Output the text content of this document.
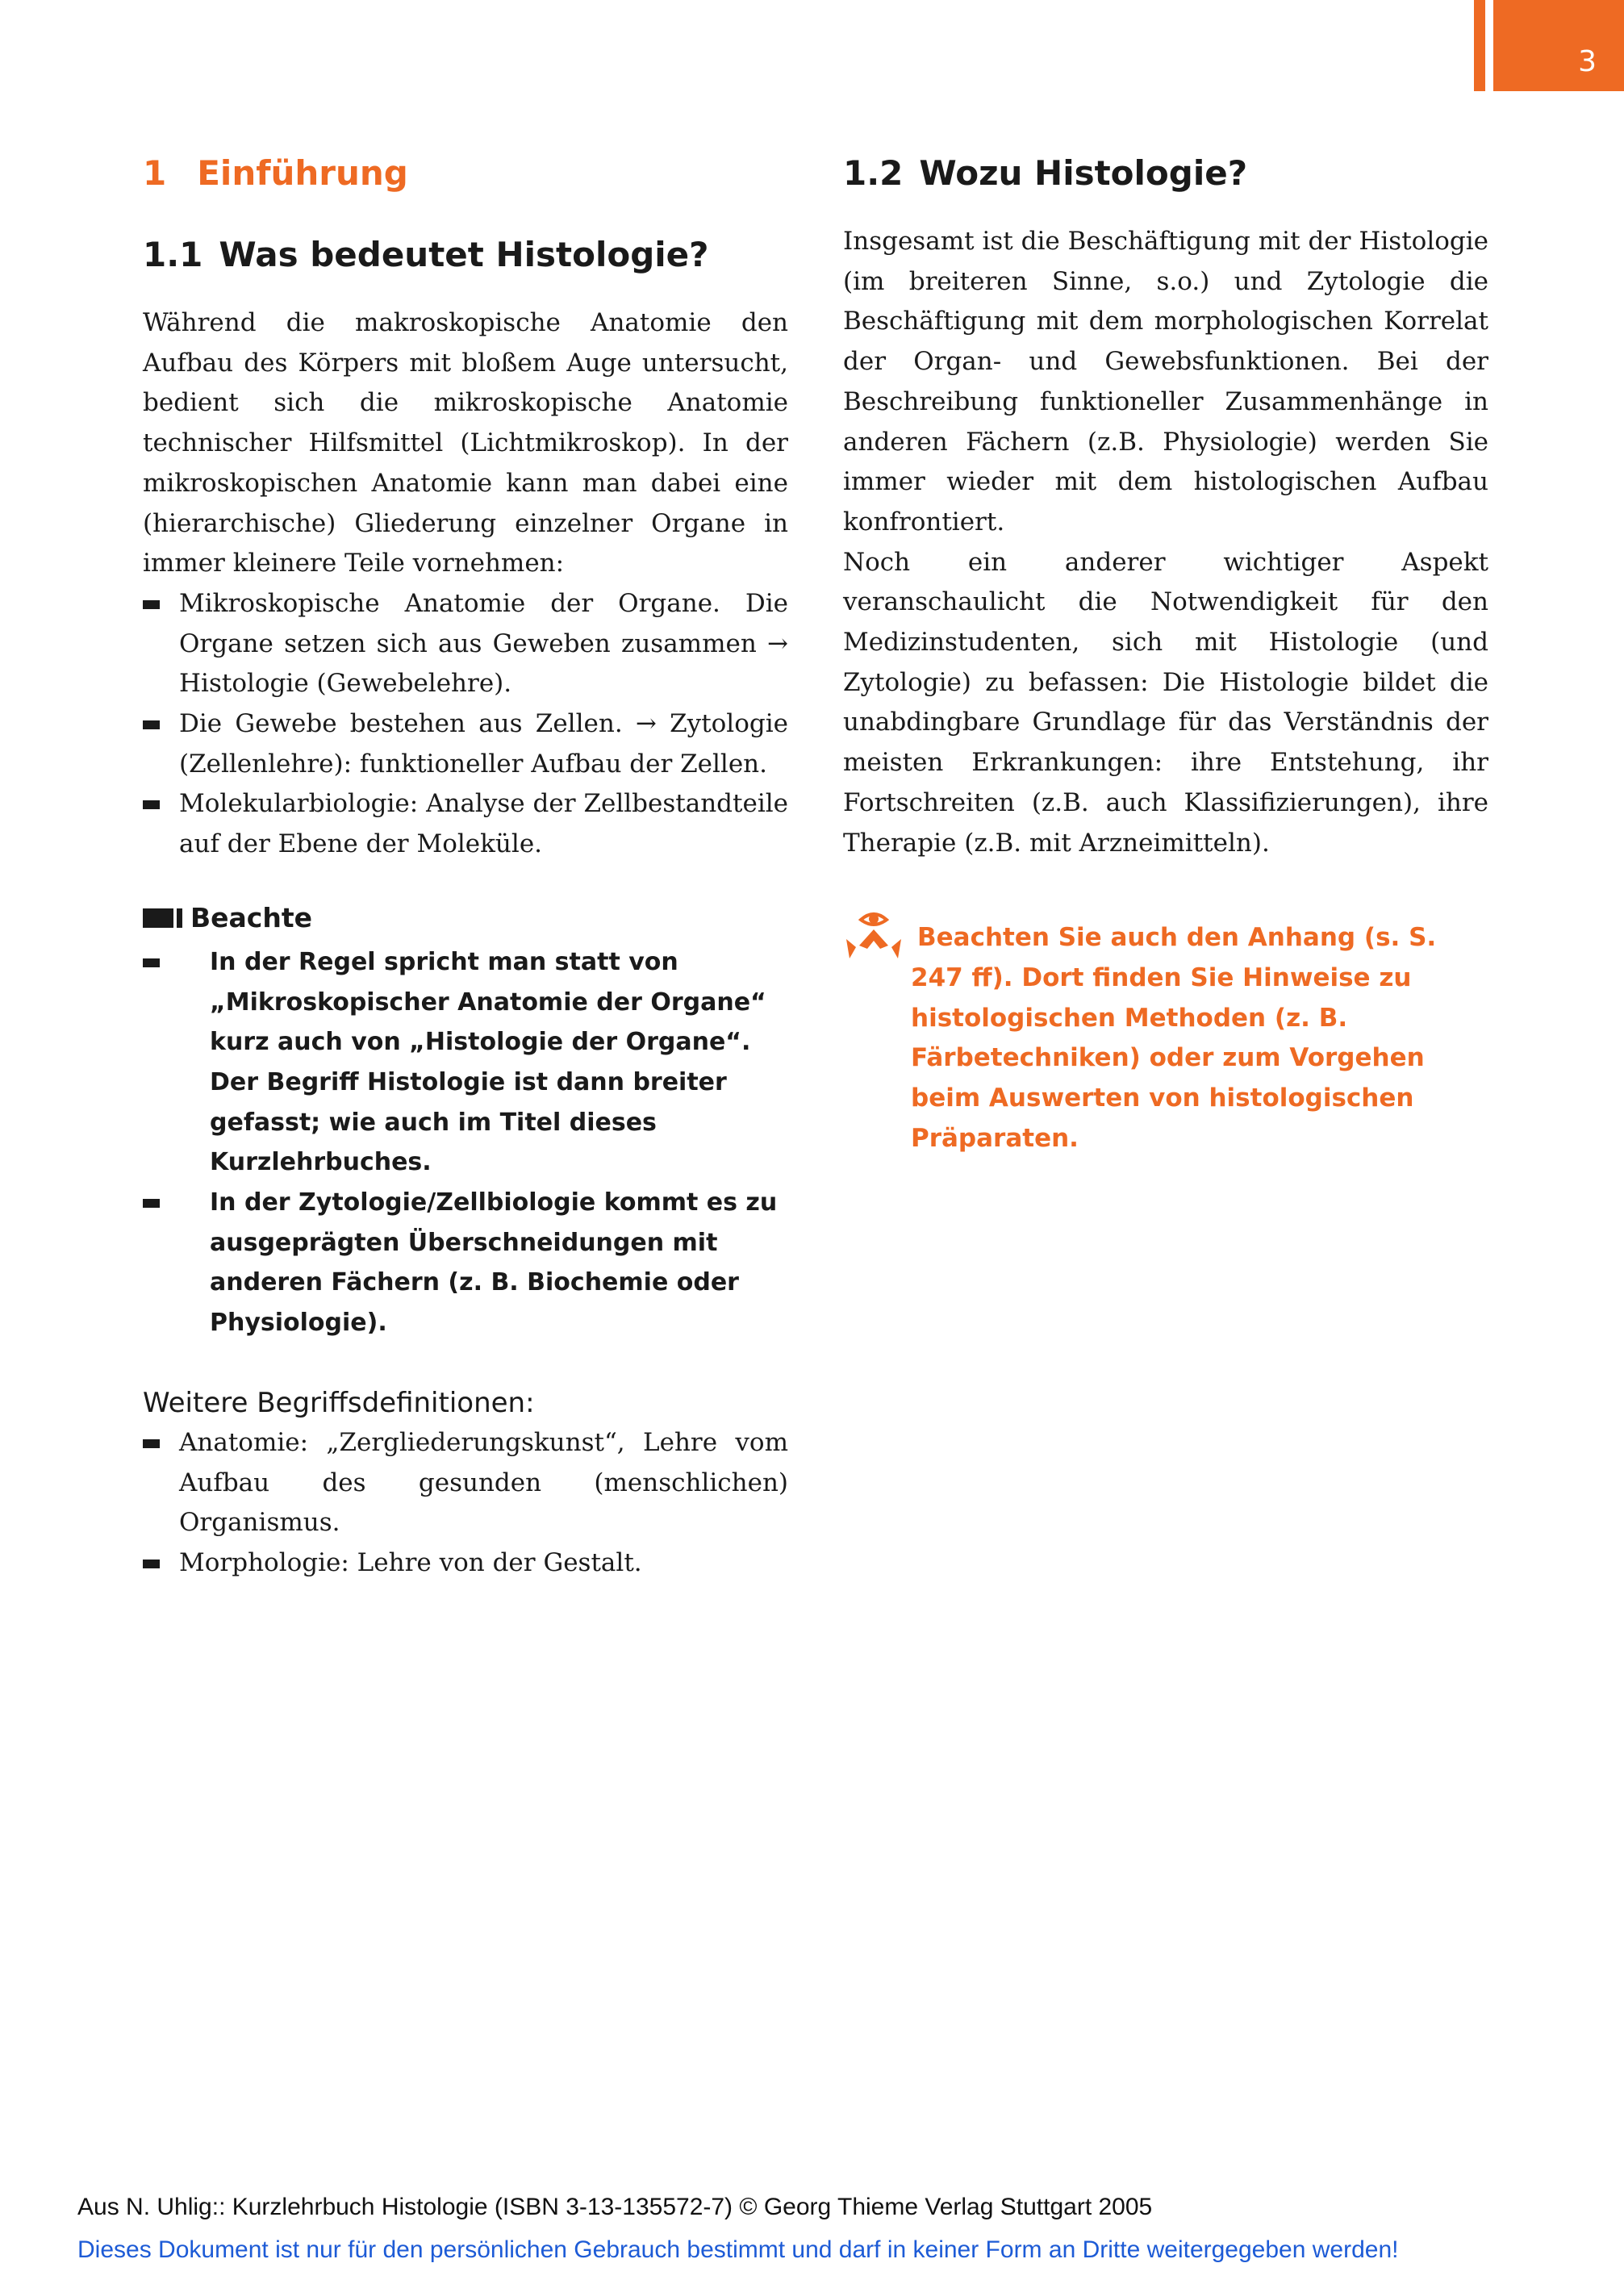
3
1 Einführung
1.1 Was bedeutet Histologie?

Während die makroskopische Anatomie den Aufbau des Körpers mit bloßem Auge untersucht, bedient sich die mikroskopische Anatomie technischer Hilfsmittel (Lichtmikroskop). In der mikroskopischen Anatomie kann man dabei eine (hierarchische) Gliederung einzelner Organe in immer kleinere Teile vornehmen:

Mikroskopische Anatomie der Organe. Die Organe setzen sich aus Geweben zusammen → Histologie (Gewebelehre).
Die Gewebe bestehen aus Zellen. → Zytologie (Zellenlehre): funktioneller Aufbau der Zellen.
Molekularbiologie: Analyse der Zellbestandteile auf der Ebene der Moleküle.
Beachte
In der Regel spricht man statt von „Mikroskopischer Anatomie der Organe“ kurz auch von „Histologie der Organe“. Der Begriff Histologie ist dann breiter gefasst; wie auch im Titel dieses Kurzlehrbuches.
In der Zytologie/Zellbiologie kommt es zu ausgeprägten Überschneidungen mit anderen Fächern (z. B. Biochemie oder Physiologie).
Weitere Begriffsdefinitionen:
Anatomie: „Zergliederungskunst“, Lehre vom Aufbau des gesunden (menschlichen) Organismus.
Morphologie: Lehre von der Gestalt.
1.2 Wozu Histologie?

Insgesamt ist die Beschäftigung mit der Histologie (im breiteren Sinne, s.o.) und Zytologie die Beschäftigung mit dem morphologischen Korrelat der Organ- und Gewebsfunktionen. Bei der Beschreibung funktioneller Zusammenhänge in anderen Fächern (z.B. Physiologie) werden Sie immer wieder mit dem histologischen Aufbau konfrontiert.

Noch ein anderer wichtiger Aspekt veranschaulicht die Notwendigkeit für den Medizinstudenten, sich mit Histologie (und Zytologie) zu befassen: Die Histologie bildet die unabdingbare Grundlage für das Verständnis der meisten Erkrankungen: ihre Entstehung, ihr Fortschreiten (z.B. auch Klassifizierungen), ihre Therapie (z.B. mit Arzneimitteln).

Beachten Sie auch den Anhang (s. S. 247 ff). Dort finden Sie Hinweise zu histologischen Methoden (z. B. Färbetechniken) oder zum Vorgehen beim Auswerten von histologischen Präparaten.
Aus N. Uhlig:: Kurzlehrbuch Histologie (ISBN 3-13-135572-7) © Georg Thieme Verlag Stuttgart 2005
Dieses Dokument ist nur für den persönlichen Gebrauch bestimmt und darf in keiner Form an Dritte weitergegeben werden!
